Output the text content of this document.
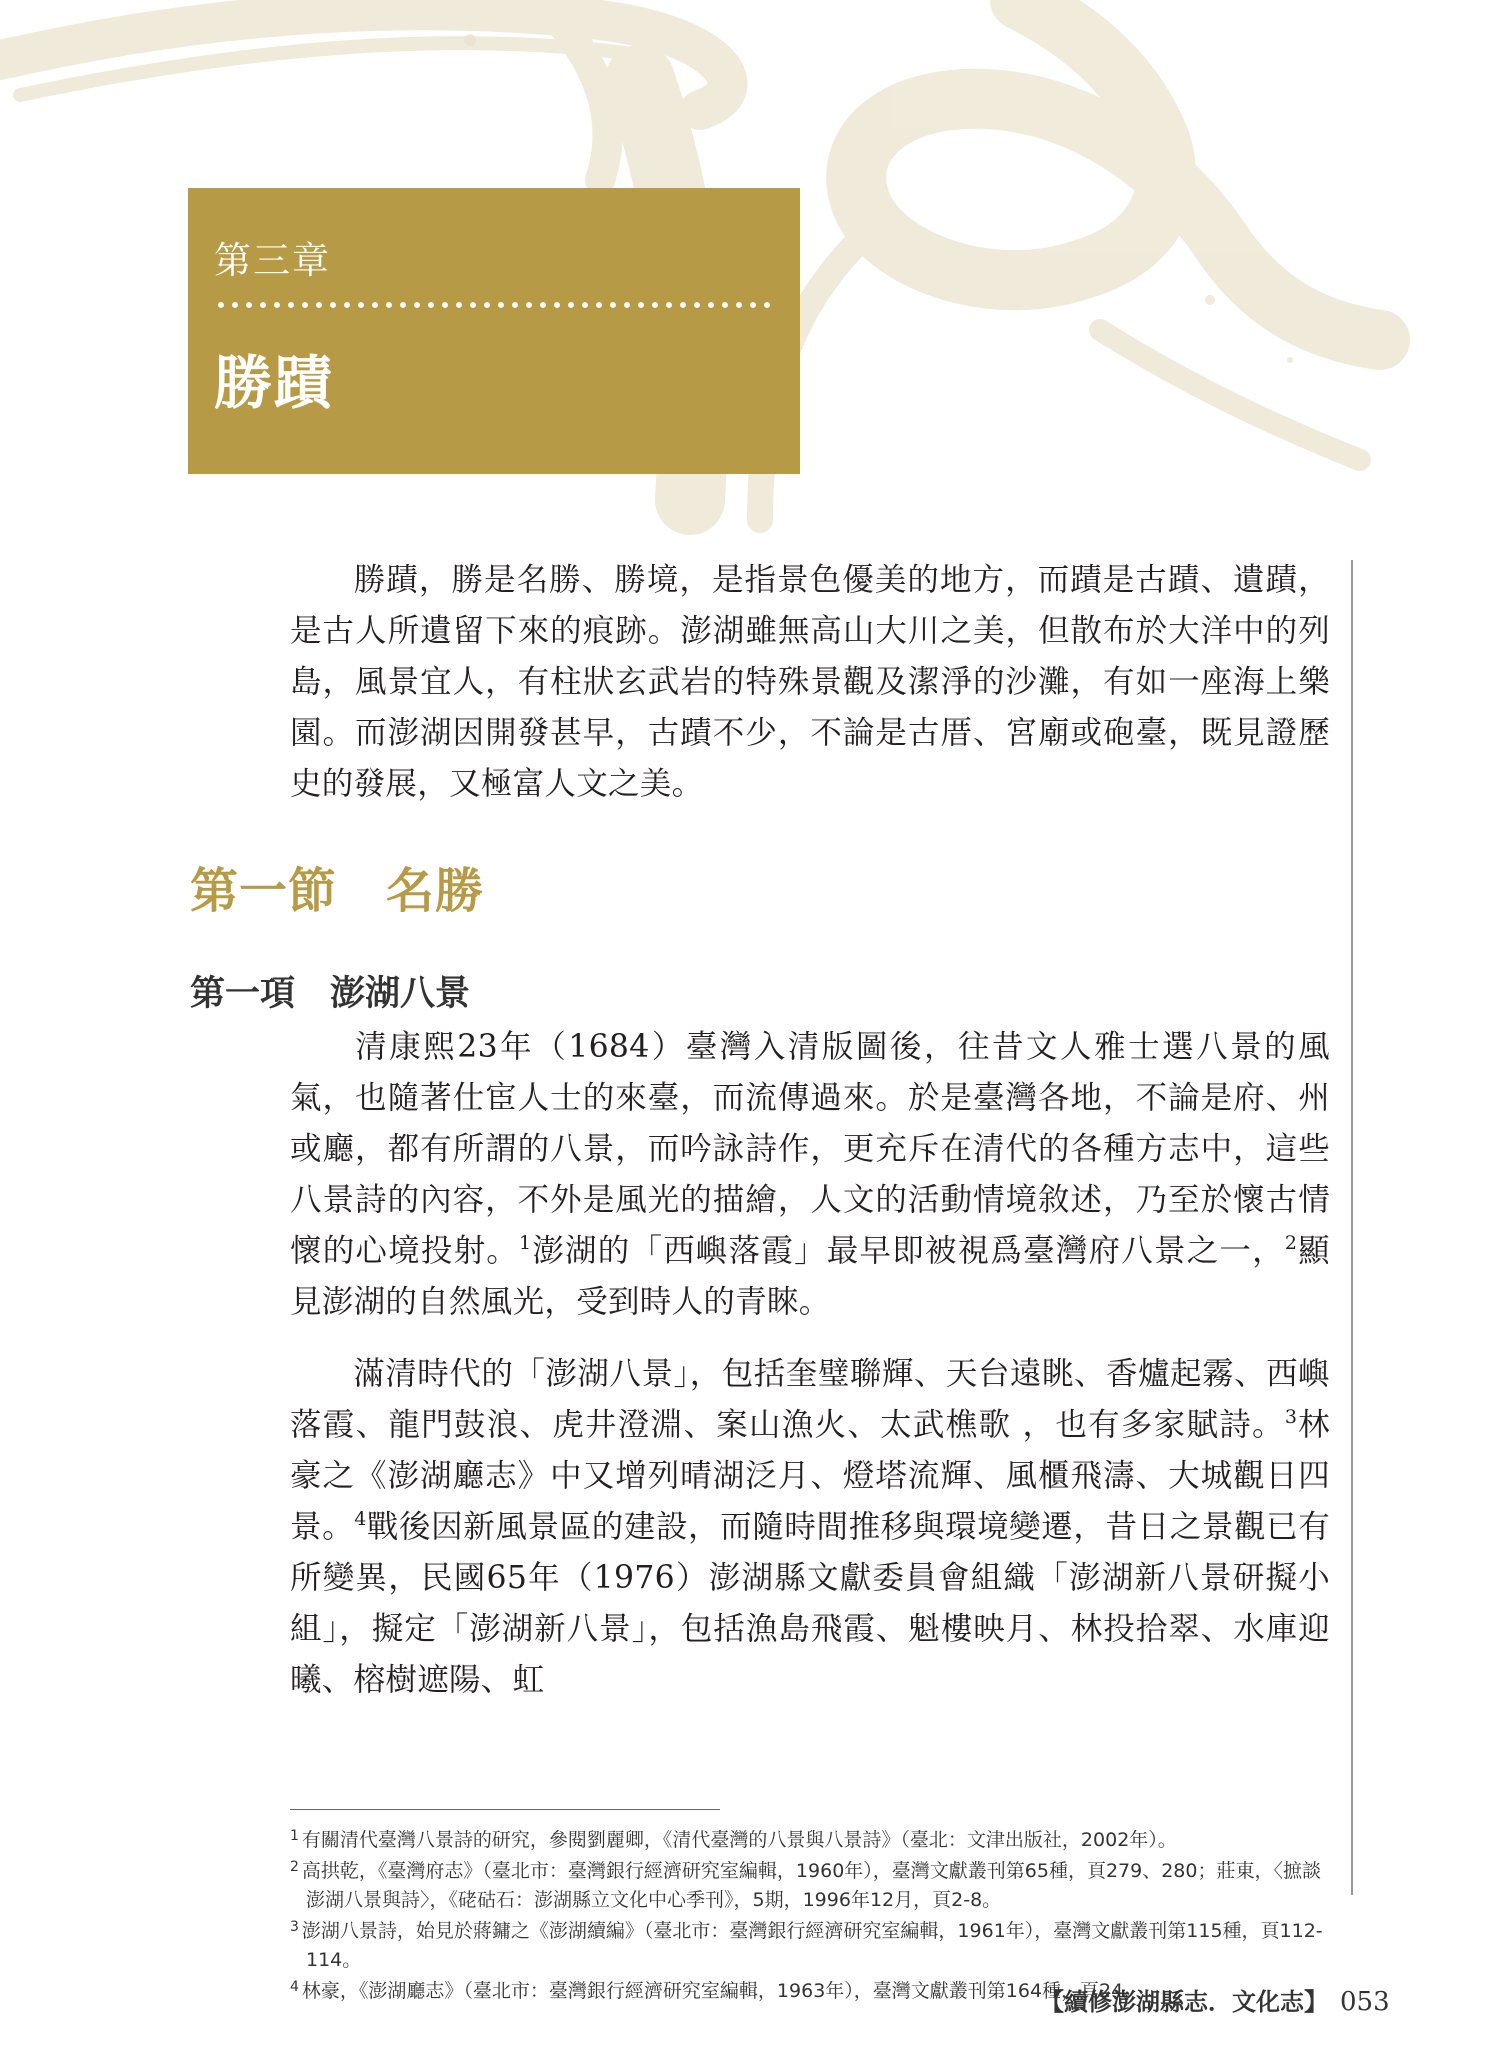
第三章
勝蹟

勝蹟，勝是名勝、勝境，是指景色優美的地方，而蹟是古蹟、遺蹟，是古人所遺留下來的痕跡。澎湖雖無高山大川之美，但散布於大洋中的列島，風景宜人，有柱狀玄武岩的特殊景觀及潔淨的沙灘，有如一座海上樂園。而澎湖因開發甚早，古蹟不少，不論是古厝、宮廟或砲臺，既見證歷史的發展，又極富人文之美。

第一節　名勝
第一項　澎湖八景

清康熙23年（1684）臺灣入清版圖後，往昔文人雅士選八景的風氣，也隨著仕宦人士的來臺，而流傳過來。於是臺灣各地，不論是府、州或廳，都有所謂的八景，而吟詠詩作，更充斥在清代的各種方志中，這些八景詩的內容，不外是風光的描繪，人文的活動情境敘述，乃至於懷古情懷的心境投射。$^1$澎湖的「西嶼落霞」最早即被視爲臺灣府八景之一，$^2$顯見澎湖的自然風光，受到時人的青睞。

滿清時代的「澎湖八景」，包括奎璧聯輝、天台遠眺、香爐起霧、西嶼落霞、龍門鼓浪、虎井澄淵、案山漁火、太武樵歌 ，也有多家賦詩。$^3$林豪之《澎湖廳志》中又增列晴湖泛月、燈塔流輝、風櫃飛濤、大城觀日四景。$^4$戰後因新風景區的建設，而隨時間推移與環境變遷，昔日之景觀已有所變異，民國65年（1976）澎湖縣文獻委員會組織「澎湖新八景研擬小組」，擬定「澎湖新八景」，包括漁島飛霞、魁樓映月、林投拾翠、水庫迎曦、榕樹遮陽、虹

$^1$ 有關清代臺灣八景詩的研究，參閱劉麗卿，《清代臺灣的八景與八景詩》（臺北：文津出版社，2002年）。

$^2$ 高拱乾，《臺灣府志》（臺北市：臺灣銀行經濟研究室編輯，1960年），臺灣文獻叢刊第65種，頁279、280；莊東，〈摭談澎湖八景與詩〉，《硓𥑮石：澎湖縣立文化中心季刊》，5期，1996年12月，頁2-8。

$^3$ 澎湖八景詩，始見於蔣鏞之《澎湖續編》（臺北市：臺灣銀行經濟研究室編輯，1961年），臺灣文獻叢刊第115種，頁112-114。

$^4$ 林豪，《澎湖廳志》（臺北市：臺灣銀行經濟研究室編輯，1963年），臺灣文獻叢刊第164種，頁24。

【續修澎湖縣志．文化志】 053
